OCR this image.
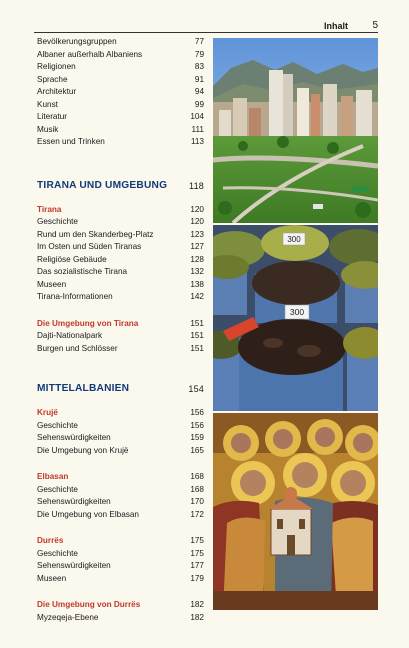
Inhalt 5
Bevölkerungsgruppen	77
Albaner außerhalb Albaniens	79
Religionen	83
Sprache	91
Architektur	94
Kunst	99
Literatur	104
Musik	111
Essen und Trinken	113
TIRANA UND UMGEBUNG 118
Tirana	120
Geschichte	120
Rund um den Skanderbeg-Platz	123
Im Osten und Süden Tiranas	127
Religiöse Gebäude	128
Das sozialistische Tirana	132
Museen	138
Tirana-Informationen	142
Die Umgebung von Tirana	151
Dajti-Nationalpark	151
Burgen und Schlösser	151
MITTELALBANIEN	154
Krujë	156
Geschichte	156
Sehenswürdigkeiten	159
Die Umgebung von Krujë	165
Elbasan	168
Geschichte	168
Sehenswürdigkeiten	170
Die Umgebung von Elbasan	172
Durrës	175
Geschichte	175
Sehenswürdigkeiten	177
Museen	179
Die Umgebung von Durrës	182
Myzeqeja-Ebene	182
300
300
